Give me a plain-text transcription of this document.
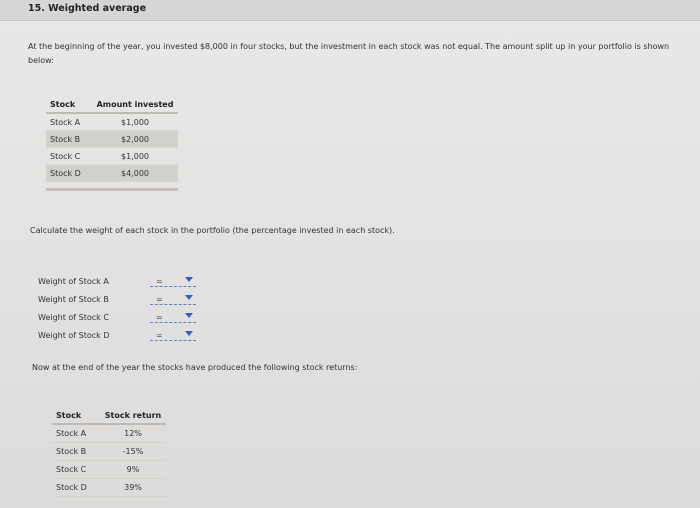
15. Weighted average
At the beginning of the year, you invested $8,000 in four stocks, but the investment in each stock was not equal. The amount split up in your portfolio is shown below:
Stock	Amount invested
Stock A	$1,000
Stock B	$2,000
Stock C	$1,000
Stock D	$4,000

Calculate the weight of each stock in the portfolio (the percentage invested in each stock).
Weight of Stock A	=
Weight of Stock B	=
Weight of Stock C	=
Weight of Stock D	=
Now at the end of the year the stocks have produced the following stock returns:
Stock	Stock return
Stock A	12%
Stock B	-15%
Stock C	9%
Stock D	39%
